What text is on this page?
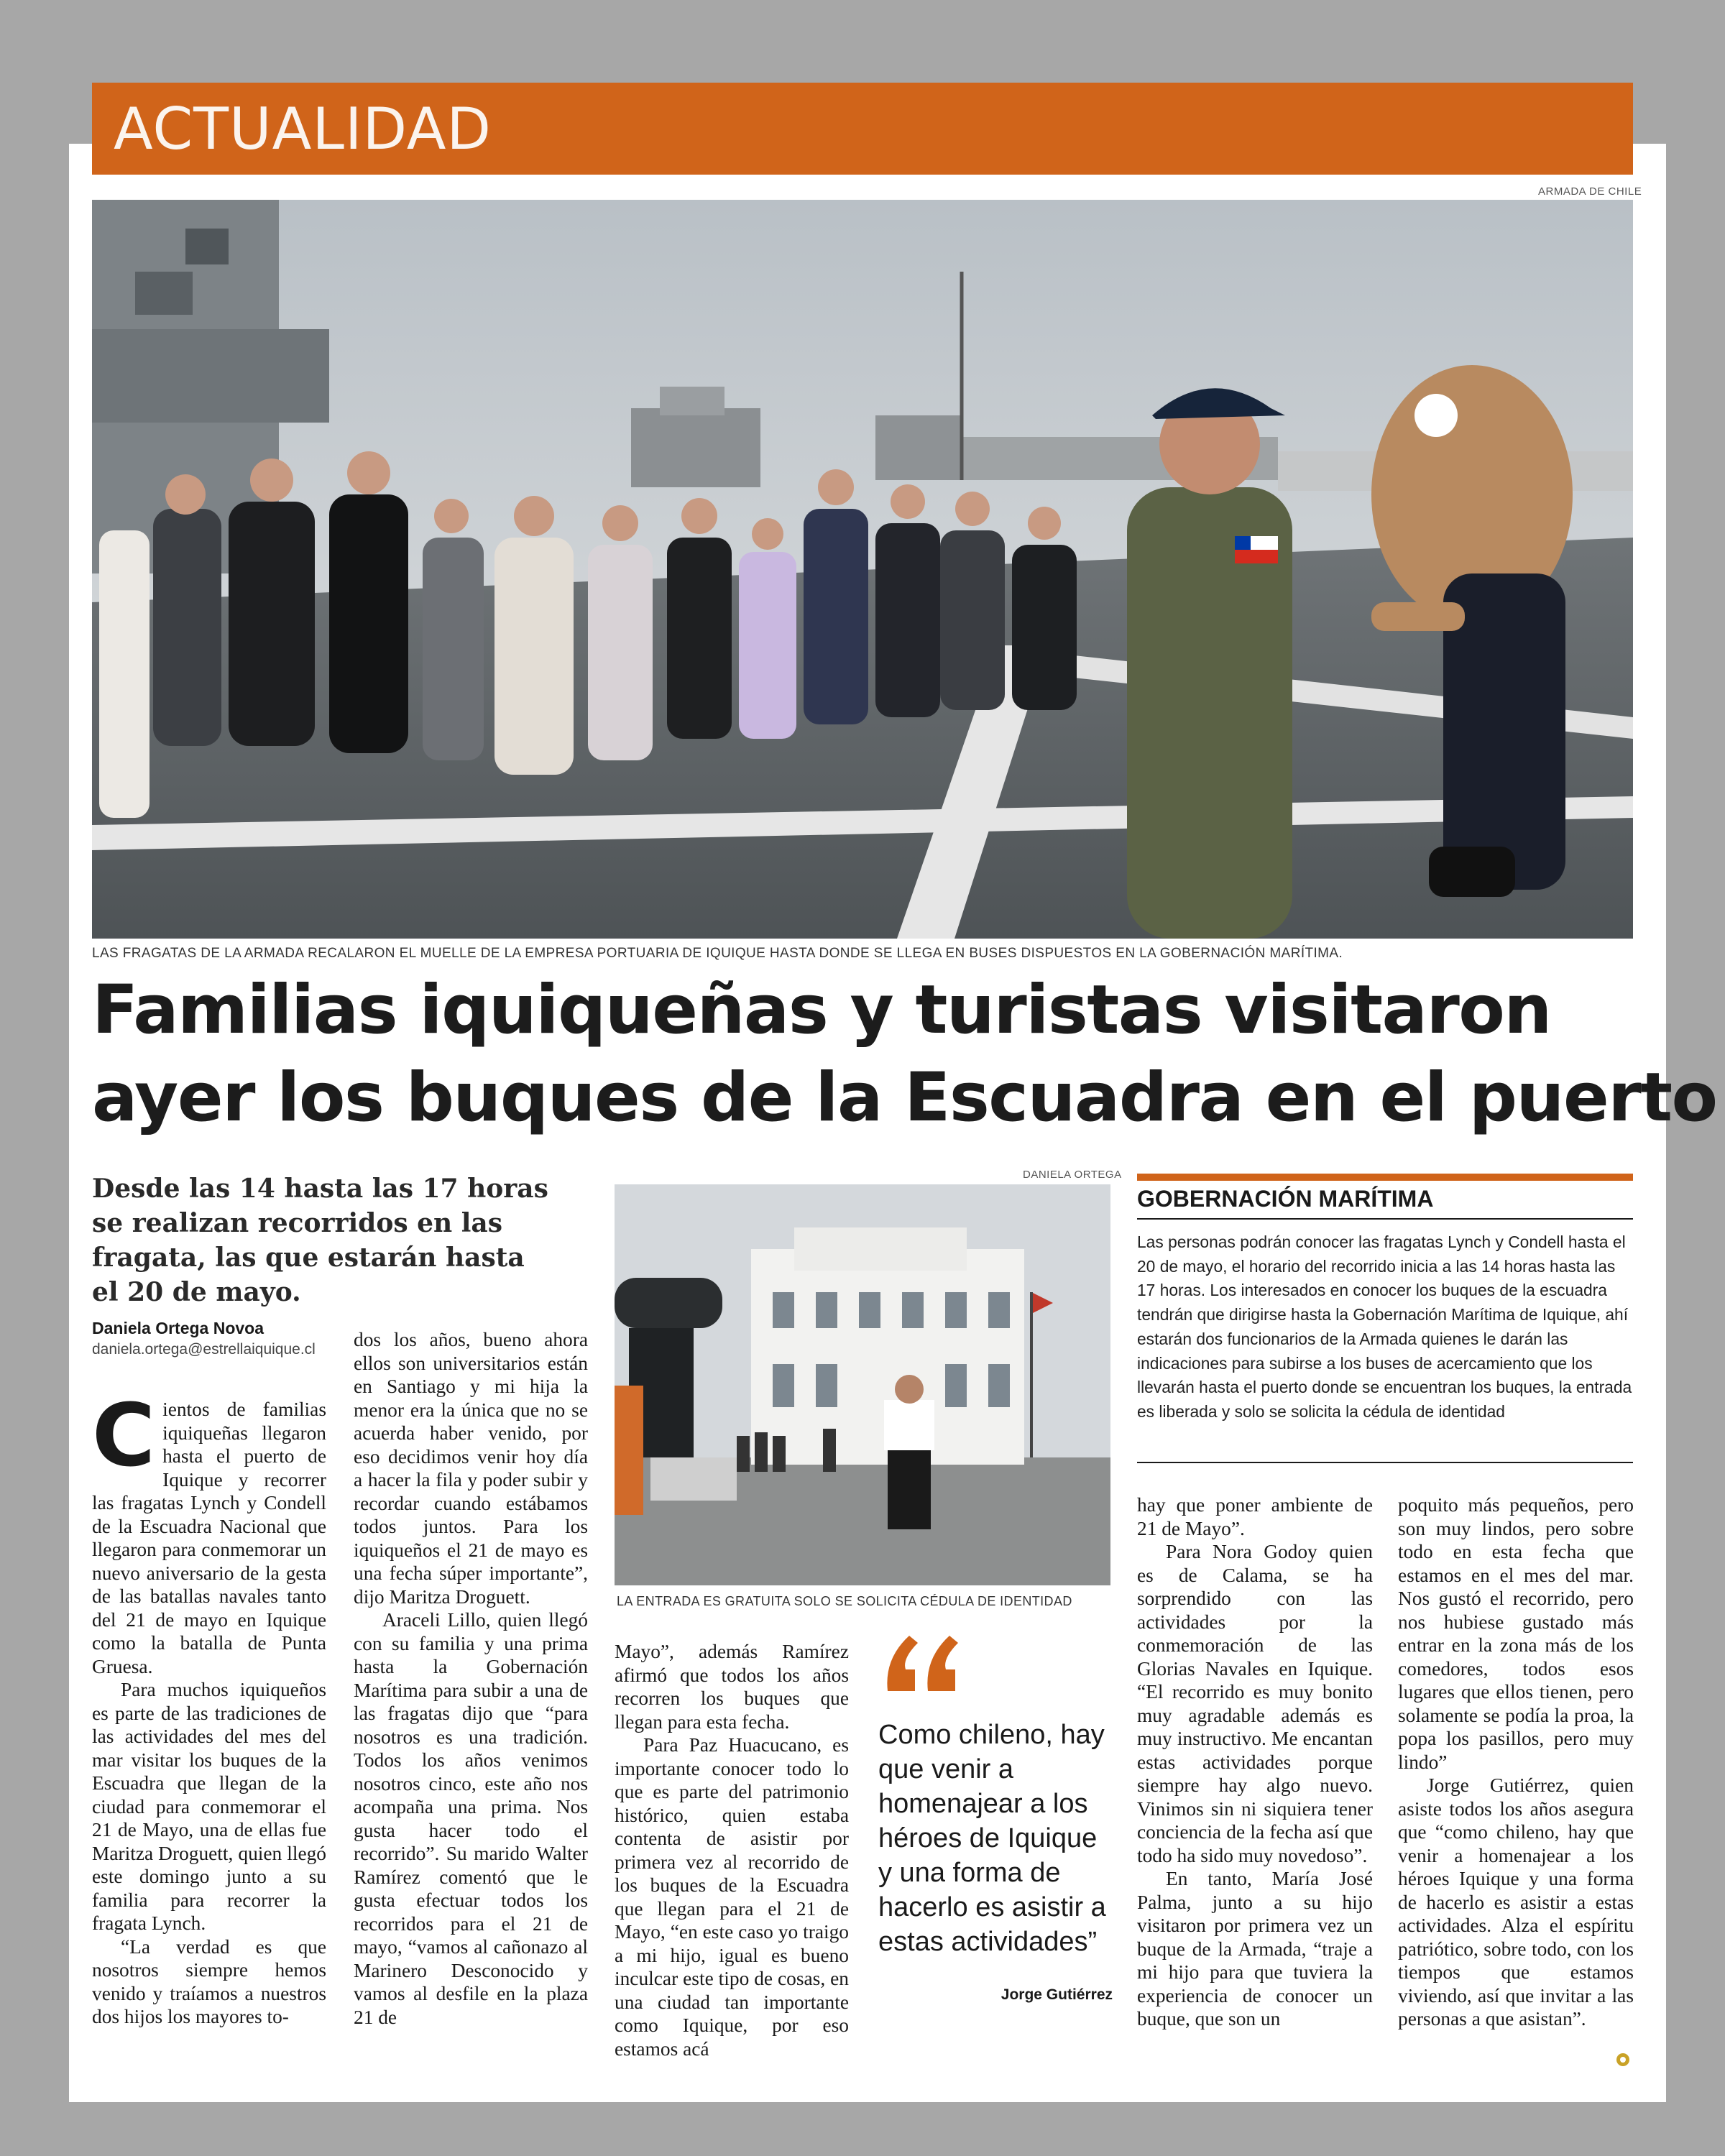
ACTUALIDAD
ARMADA DE CHILE
LAS FRAGATAS DE LA ARMADA RECALARON EL MUELLE DE LA EMPRESA PORTUARIA DE IQUIQUE HASTA DONDE SE LLEGA EN BUSES DISPUESTOS EN LA GOBERNACIÓN MARÍTIMA.
Familias iquiqueñas y turistas visitaron
ayer los buques de la Escuadra en el puerto
Desde las 14 hasta las 17 horas se realizan recorridos en las fragata, las que estarán hasta el 20 de mayo.
Daniela Ortega Novoa
daniela.ortega@estrellaiquique.cl
DANIELA ORTEGA
LA ENTRADA ES GRATUITA SOLO SE SOLICITA CÉDULA DE IDENTIDAD

Cientos de familias iquiqueñas llegaron hasta el puerto de Iquique y recorrer las fragatas Lynch y Condell de la Escuadra Nacional que llegaron para conmemorar un nuevo aniversario de la gesta de las batallas navales tanto del 21 de mayo en Iquique como la batalla de Punta Gruesa.

Para muchos iquiqueños es parte de las tradiciones de las actividades del mes del mar visitar los buques de la Escuadra que llegan de la ciudad para conmemorar el 21 de Mayo, una de ellas fue Maritza Droguett, quien llegó este domingo junto a su familia para recorrer la fragata Lynch.

“La verdad es que nosotros siempre hemos venido y traíamos a nuestros dos hijos los mayores to-

dos los años, bueno ahora ellos son universitarios están en Santiago y mi hija la menor era la única que no se acuerda haber venido, por eso decidimos venir hoy día a hacer la fila y poder subir y recordar cuando estábamos todos juntos. Para los iquiqueños el 21 de mayo es una fecha súper importante”, dijo Maritza Droguett.

Araceli Lillo, quien llegó con su familia y una prima hasta la Gobernación Marítima para subir a una de las fragatas dijo que “para nosotros es una tradición. Todos los años venimos nosotros cinco, este año nos acompaña una prima. Nos gusta hacer todo el recorrido”. Su marido Walter Ramírez comentó que le gusta efectuar todos los recorridos para el 21 de mayo, “vamos al cañonazo al Marinero Desconocido y vamos al desfile en la plaza 21 de

Mayo”, además Ramírez afirmó que todos los años recorren los buques que llegan para esta fecha.

Para Paz Huacucano, es importante conocer todo lo que es parte del patrimonio histórico, quien estaba contenta de asistir por primera vez al recorrido de los buques de la Escuadra que llegan para el 21 de Mayo, “en este caso yo traigo a mi hijo, igual es bueno inculcar este tipo de cosas, en una ciudad tan importante como Iquique, por eso estamos acá

Como chileno, hay que venir a homenajear a los héroes de Iquique y una forma de hacerlo es asistir a estas actividades”
Jorge Gutiérrez

hay que poner ambiente de 21 de Mayo”.

Para Nora Godoy quien es de Calama, se ha sorprendido con las actividades por la conmemoración de las Glorias Navales en Iquique. “El recorrido es muy bonito muy agradable además es muy instructivo. Me encantan estas actividades porque siempre hay algo nuevo. Vinimos sin ni siquiera tener conciencia de la fecha así que todo ha sido muy novedoso”.

En tanto, María José Palma, junto a su hijo visitaron por primera vez un buque de la Armada, “traje a mi hijo para que tuviera la experiencia de conocer un buque, que son un

poquito más pequeños, pero son muy lindos, pero sobre todo en esta fecha que estamos en el mes del mar. Nos gustó el recorrido, pero nos hubiese gustado más entrar en la zona más de los comedores, todos esos lugares que ellos tienen, pero solamente se podía la proa, la popa los pasillos, pero muy lindo”

Jorge Gutiérrez, quien asiste todos los años asegura que “como chileno, hay que venir a homenajear a los héroes Iquique y una forma de hacerlo es asistir a estas actividades. Alza el espíritu patriótico, sobre todo, con los tiempos que estamos viviendo, así que invitar a las personas a que asistan”.

GOBERNACIÓN MARÍTIMA
Las personas podrán conocer las fragatas Lynch y Condell hasta el 20 de mayo, el horario del recorrido inicia a las 14 horas hasta las 17 horas. Los interesados en conocer los buques de la escuadra tendrán que dirigirse hasta la Gobernación Marítima de Iquique, ahí estarán dos funcionarios de la Armada quienes le darán las indicaciones para subirse a los buses de acercamiento que los llevarán hasta el puerto donde se encuentran los buques, la entrada es liberada y solo se solicita la cédula de identidad
